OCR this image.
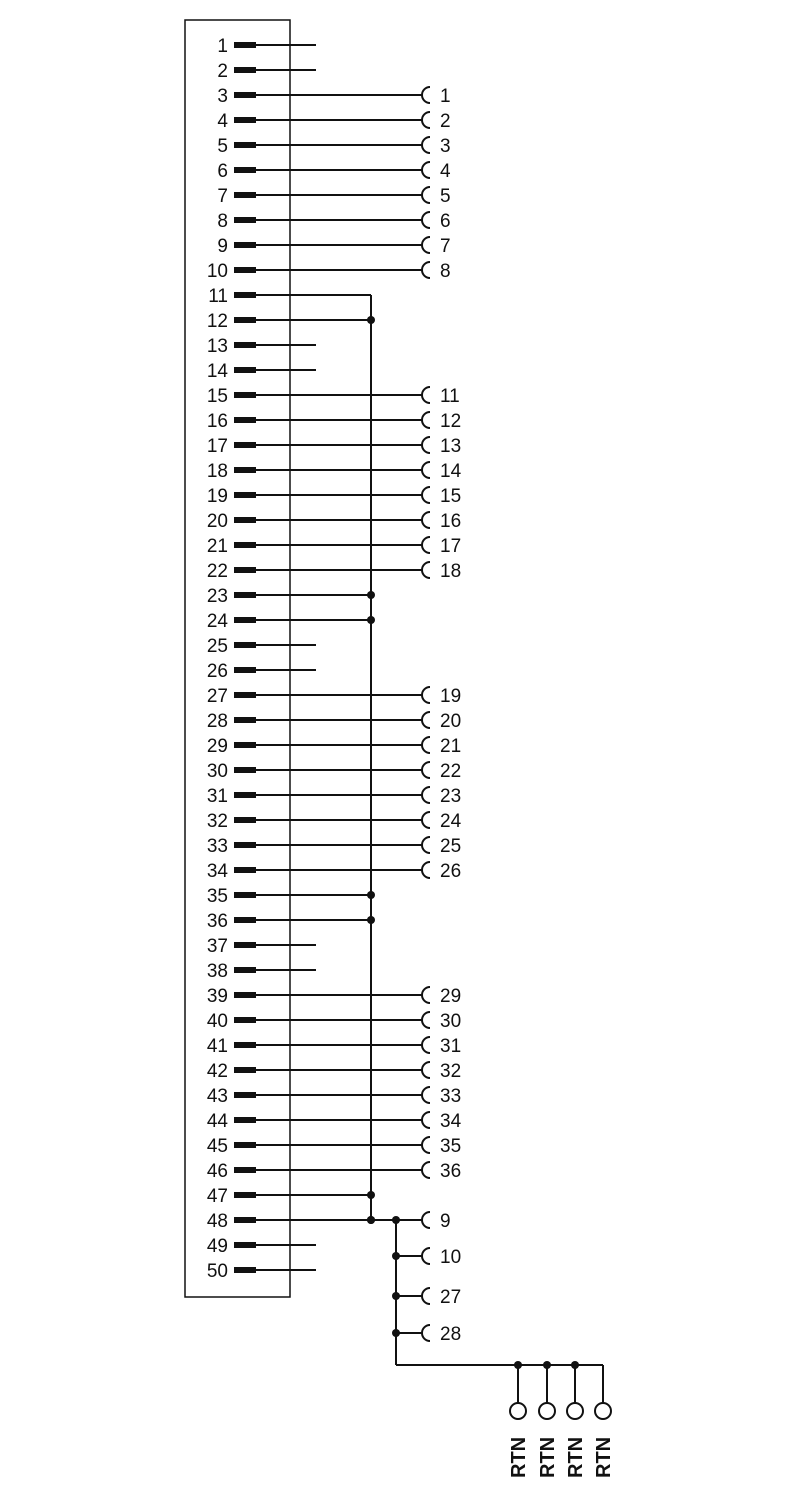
1
2
3
4
5
6
7
8
9
10
11
12
13
14
15
16
17
18
19
20
21
22
23
24
25
26
27
28
29
30
31
32
33
34
35
36
37
38
39
40
41
42
43
44
45
46
47
48
49
50
1
2
3
4
5
6
7
8
11
12
13
14
15
16
17
18
19
20
21
22
23
24
25
26
29
30
31
32
33
34
35
36
9
10
27
28
RTN RTN RTN RTN
